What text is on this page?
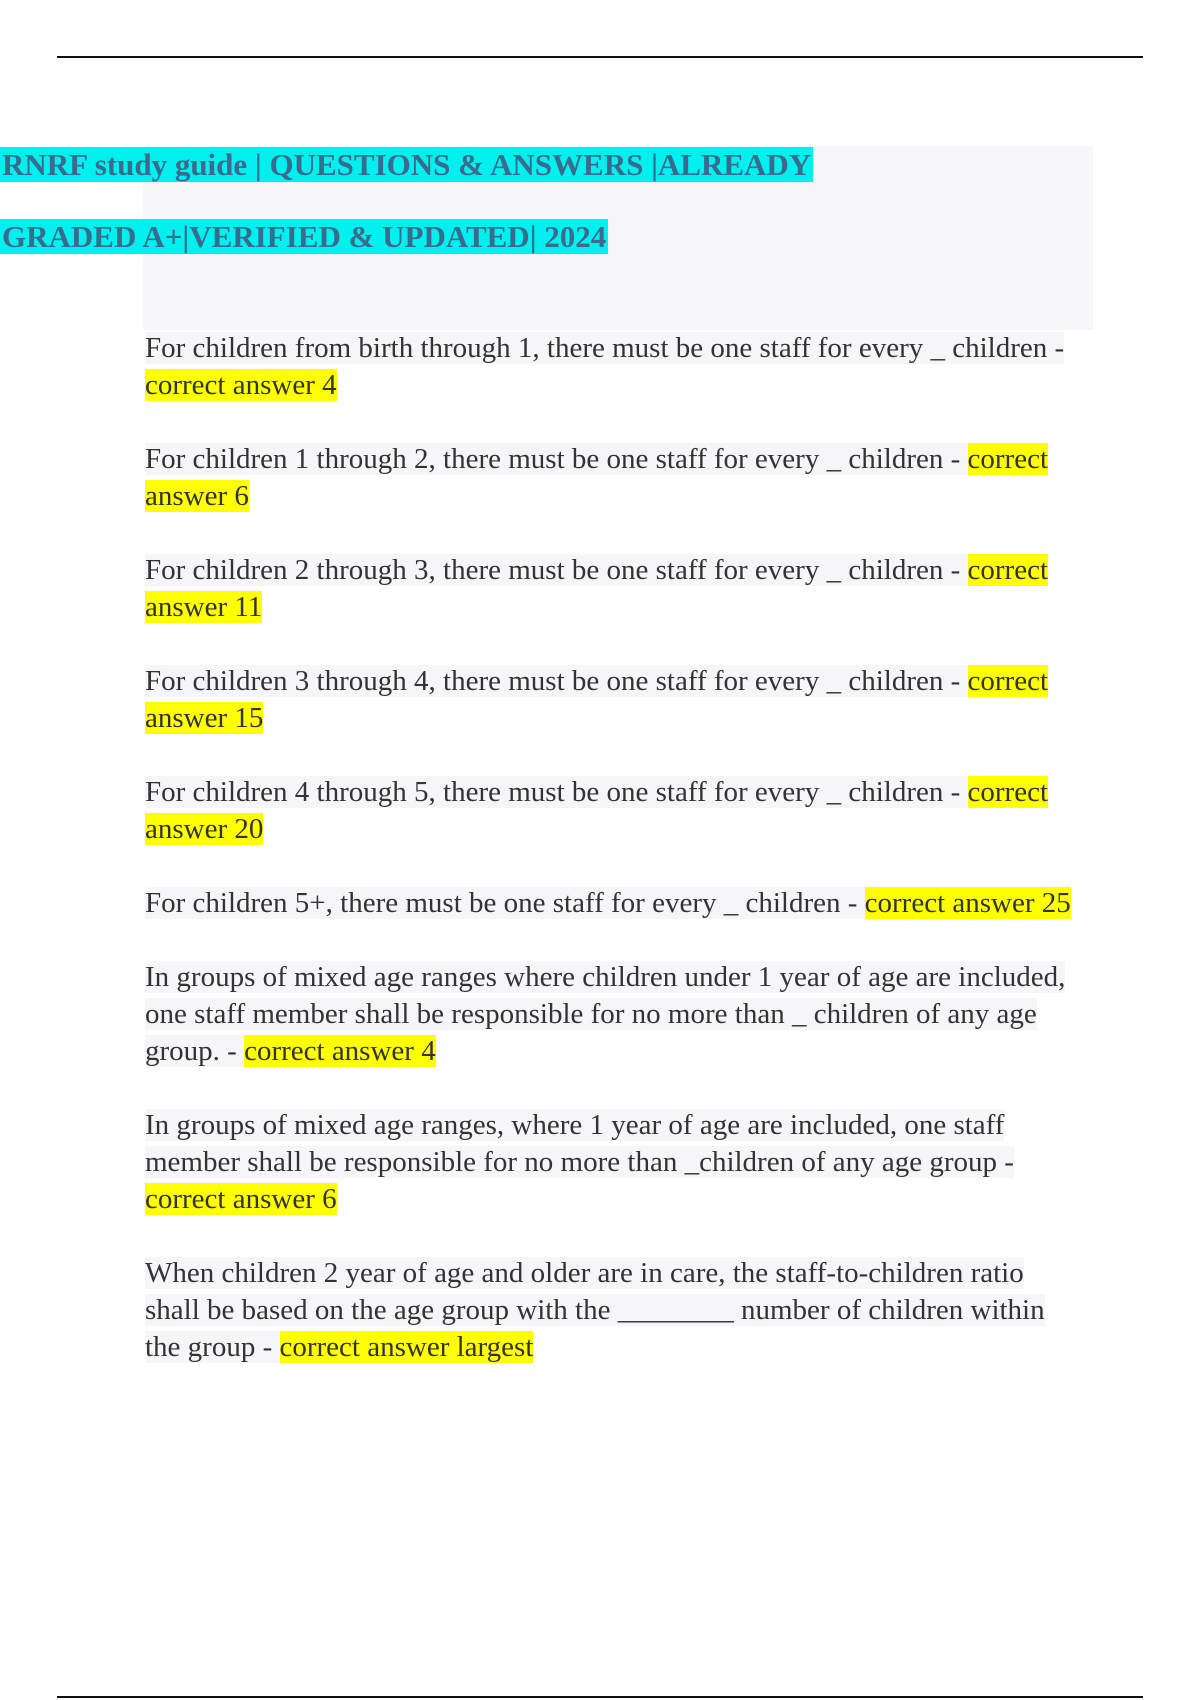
RNRF study guide | QUESTIONS & ANSWERS |ALREADY
GRADED A+|VERIFIED & UPDATED| 2024
For children from birth through 1, there must be one staff for every _ children - correct answer 4
For children 1 through 2, there must be one staff for every _ children - correct answer 6
For children 2 through 3, there must be one staff for every _ children - correct answer 11
For children 3 through 4, there must be one staff for every _ children - correct answer 15
For children 4 through 5, there must be one staff for every _ children - correct answer 20
For children 5+, there must be one staff for every _ children - correct answer 25
In groups of mixed age ranges where children under 1 year of age are included, one staff member shall be responsible for no more than _ children of any age group. - correct answer 4
In groups of mixed age ranges, where 1 year of age are included, one staff member shall be responsible for no more than _children of any age group - correct answer 6
When children 2 year of age and older are in care, the staff-to-children ratio shall be based on the age group with the ________ number of children within the group - correct answer largest
